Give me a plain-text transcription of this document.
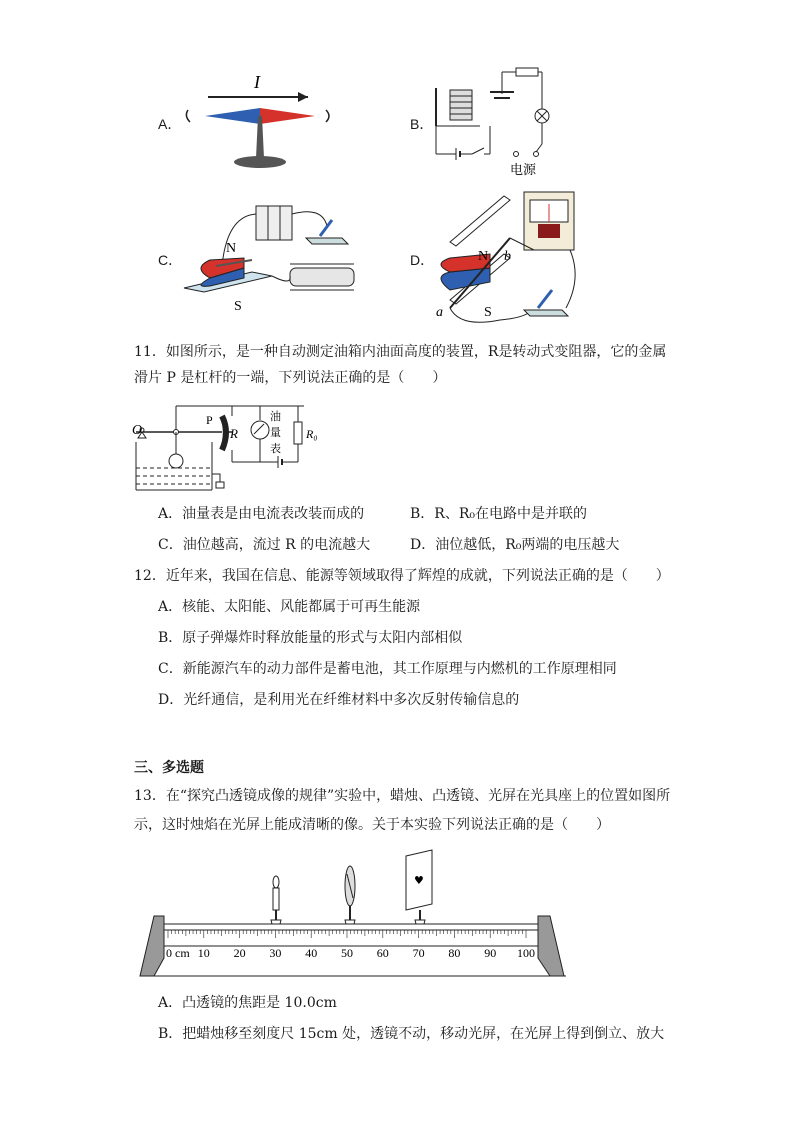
A．
I
B．
电源
C．
N
S
D．	N
S
a
b
11．如图所示，是一种自动测定油箱内油面高度的装置，R是转动式变阻器，它的金属
滑片 P 是杠杆的一端，下列说法正确的是（　　）
P
R
O
油
量
表
R₀
A．油量表是由电流表改装而成的	B．R、R₀在电路中是并联的
C．油位越高，流过 R 的电流越大	D．油位越低，R₀两端的电压越大
12．近年来，我国在信息、能源等领域取得了辉煌的成就，下列说法正确的是（　　）
A．核能、太阳能、风能都属于可再生能源
B．原子弹爆炸时释放能量的形式与太阳内部相似
C．新能源汽车的动力部件是蓄电池，其工作原理与内燃机的工作原理相同
D．光纤通信，是利用光在纤维材料中多次反射传输信息的
三、多选题
13．在“探究凸透镜成像的规律”实验中，蜡烛、凸透镜、光屏在光具座上的位置如图所
示，这时烛焰在光屏上能成清晰的像。关于本实验下列说法正确的是（　　）
♥
0 cm 10 20 30 40 50 60 70 80 90 100
A．凸透镜的焦距是 10.0cm
B．把蜡烛移至刻度尺 15cm 处，透镜不动，移动光屏，在光屏上得到倒立、放大
